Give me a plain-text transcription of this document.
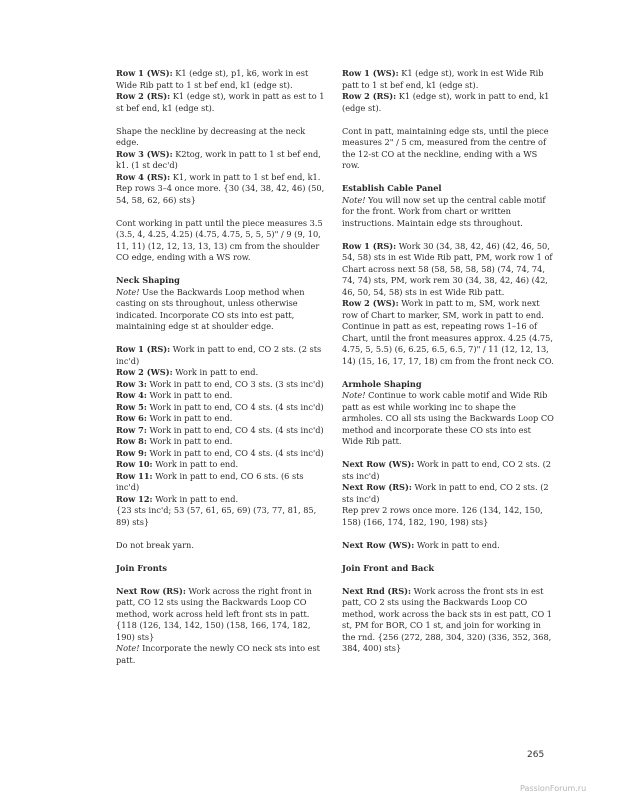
Row 1 (WS): K1 (edge st), p1, k6, work in est Wide Rib patt to 1 st bef end, k1 (edge st).

Row 2 (RS): K1 (edge st), work in patt as est to 1 st bef end, k1 (edge st).

Shape the neckline by decreasing at the neck edge.

Row 3 (WS): K2tog, work in patt to 1 st bef end, k1. (1 st dec'd)

Row 4 (RS): K1, work in patt to 1 st bef end, k1.

Rep rows 3–4 once more. {30 (34, 38, 42, 46) (50, 54, 58, 62, 66) sts}

Cont working in patt until the piece measures 3.5 (3.5, 4, 4.25, 4.25) (4.75, 4.75, 5, 5, 5)" / 9 (9, 10, 11, 11) (12, 12, 13, 13, 13) cm from the shoulder CO edge, ending with a WS row.

Neck Shaping

Note! Use the Backwards Loop method when casting on sts throughout, unless otherwise indicated. Incorporate CO sts into est patt, maintaining edge st at shoulder edge.

Row 1 (RS): Work in patt to end, CO 2 sts. (2 sts inc'd)

Row 2 (WS): Work in patt to end.

Row 3: Work in patt to end, CO 3 sts. (3 sts inc'd)

Row 4: Work in patt to end.

Row 5: Work in patt to end, CO 4 sts. (4 sts inc'd)

Row 6: Work in patt to end.

Row 7: Work in patt to end, CO 4 sts. (4 sts inc'd)

Row 8: Work in patt to end.

Row 9: Work in patt to end, CO 4 sts. (4 sts inc'd)

Row 10: Work in patt to end.

Row 11: Work in patt to end, CO 6 sts. (6 sts inc'd)

Row 12: Work in patt to end.

{23 sts inc'd; 53 (57, 61, 65, 69) (73, 77, 81, 85, 89) sts}

Do not break yarn.

Join Fronts

Next Row (RS): Work across the right front in patt, CO 12 sts using the Backwards Loop CO method, work across held left front sts in patt. {118 (126, 134, 142, 150) (158, 166, 174, 182, 190) sts}

Note! Incorporate the newly CO neck sts into est patt.

Row 1 (WS): K1 (edge st), work in est Wide Rib patt to 1 st bef end, k1 (edge st).

Row 2 (RS): K1 (edge st), work in patt to end, k1 (edge st).

Cont in patt, maintaining edge sts, until the piece measures 2" / 5 cm, measured from the centre of the 12-st CO at the neckline, ending with a WS row.

Establish Cable Panel

Note! You will now set up the central cable motif for the front. Work from chart or written instructions. Maintain edge sts throughout.

Row 1 (RS): Work 30 (34, 38, 42, 46) (42, 46, 50, 54, 58) sts in est Wide Rib patt, PM, work row 1 of Chart across next 58 (58, 58, 58, 58) (74, 74, 74, 74, 74) sts, PM, work rem 30 (34, 38, 42, 46) (42, 46, 50, 54, 58) sts in est Wide Rib patt.

Row 2 (WS): Work in patt to m, SM, work next row of Chart to marker, SM, work in patt to end. Continue in patt as est, repeating rows 1–16 of Chart, until the front measures approx. 4.25 (4.75, 4.75, 5, 5.5) (6, 6.25, 6.5, 6.5, 7)" / 11 (12, 12, 13, 14) (15, 16, 17, 17, 18) cm from the front neck CO.

Armhole Shaping

Note! Continue to work cable motif and Wide Rib patt as est while working inc to shape the armholes. CO all sts using the Backwards Loop CO method and incorporate these CO sts into est Wide Rib patt.

Next Row (WS): Work in patt to end, CO 2 sts. (2 sts inc'd)

Next Row (RS): Work in patt to end, CO 2 sts. (2 sts inc'd)

Rep prev 2 rows once more. 126 (134, 142, 150, 158) (166, 174, 182, 190, 198) sts}

Next Row (WS): Work in patt to end.

Join Front and Back

Next Rnd (RS): Work across the front sts in est patt, CO 2 sts using the Backwards Loop CO method, work across the back sts in est patt, CO 1 st, PM for BOR, CO 1 st, and join for working in the rnd. {256 (272, 288, 304, 320) (336, 352, 368, 384, 400) sts}

265
PassionForum.ru
